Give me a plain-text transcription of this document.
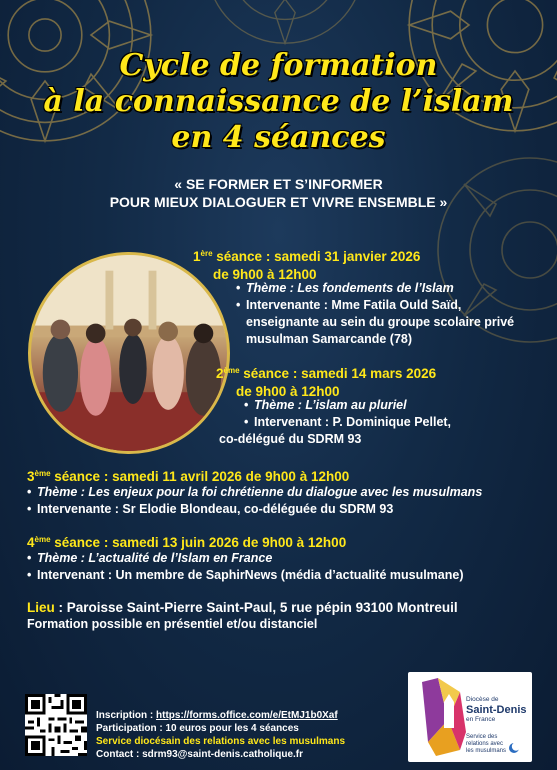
Cycle de formation
à la connaissance de l’islam
en 4 séances
« SE FORMER ET S’INFORMER
POUR MIEUX DIALOGUER ET VIVRE ENSEMBLE »
1ère séance : samedi 31 janvier 2026
de 9h00 à 12h00
• Thème : Les fondements de l’Islam
• Intervenante : Mme Fatila Ould Saïd,
enseignante au sein du groupe scolaire privé
musulman Samarcande (78)
2ème séance : samedi 14 mars 2026
de 9h00 à 12h00
• Thème : L’islam au pluriel
• Intervenant : P. Dominique Pellet,
co-délégué du SDRM 93
3ème séance : samedi 11 avril 2026 de 9h00 à 12h00
• Thème : Les enjeux pour la foi chrétienne du dialogue avec les musulmans
• Intervenante : Sr Elodie Blondeau, co-déléguée du SDRM 93
4ème séance : samedi 13 juin 2026 de 9h00 à 12h00
• Thème : L’actualité de l’Islam en France
• Intervenant : Un membre de SaphirNews (média d’actualité musulmane)
Lieu : Paroisse Saint-Pierre Saint-Paul, 5 rue pépin 93100 Montreuil
Formation possible en présentiel et/ou distanciel
Inscription : https://forms.office.com/e/EtMJ1b0Xaf
Participation : 10 euros pour les 4 séances
Service diocésain des relations avec les musulmans
Contact : sdrm93@saint-denis.catholique.fr
Diocèse de
Saint-Denis
en France
Service des
relations avec
les musulmans
